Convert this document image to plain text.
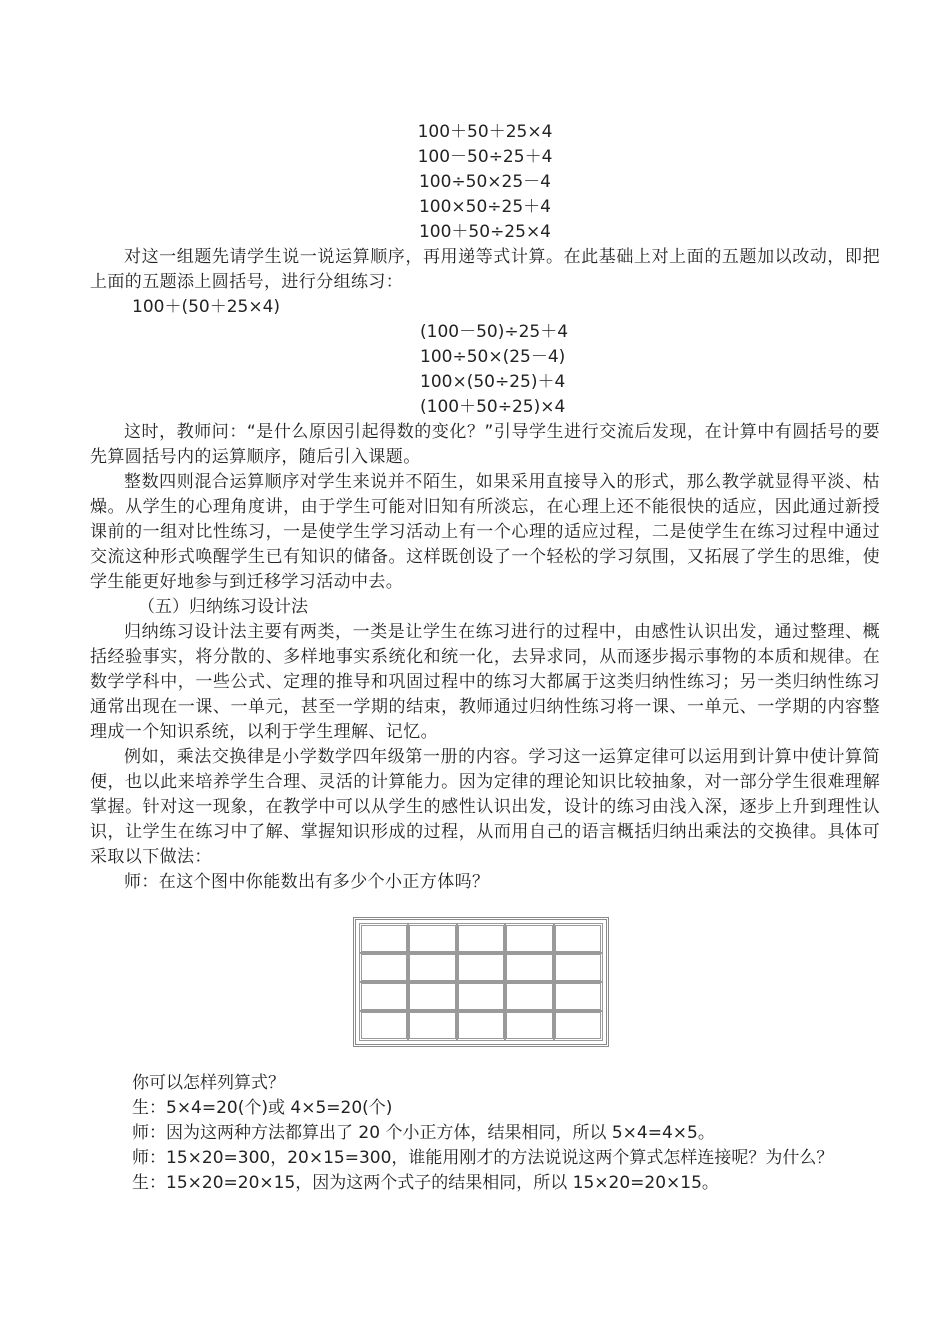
100＋50＋25×4
100－50÷25＋4
100÷50×25－4
100×50÷25＋4
100＋50÷25×4

对这一组题先请学生说一说运算顺序，再用递等式计算。在此基础上对上面的五题加以改动，即把上面的五题添上圆括号，进行分组练习：

100＋(50＋25×4)
(100－50)÷25＋4
100÷50×(25－4)
100×(50÷25)＋4
(100＋50÷25)×4

这时，教师问：“是什么原因引起得数的变化？”引导学生进行交流后发现，在计算中有圆括号的要先算圆括号内的运算顺序，随后引入课题。

整数四则混合运算顺序对学生来说并不陌生，如果采用直接导入的形式，那么教学就显得平淡、枯燥。从学生的心理角度讲，由于学生可能对旧知有所淡忘，在心理上还不能很快的适应，因此通过新授课前的一组对比性练习，一是使学生学习活动上有一个心理的适应过程，二是使学生在练习过程中通过交流这种形式唤醒学生已有知识的储备。这样既创设了一个轻松的学习氛围，又拓展了学生的思维，使学生能更好地参与到迁移学习活动中去。

（五）归纳练习设计法

归纳练习设计法主要有两类，一类是让学生在练习进行的过程中，由感性认识出发，通过整理、概括经验事实，将分散的、多样地事实系统化和统一化，去异求同，从而逐步揭示事物的本质和规律。在数学学科中，一些公式、定理的推导和巩固过程中的练习大都属于这类归纳性练习；另一类归纳性练习通常出现在一课、一单元，甚至一学期的结束，教师通过归纳性练习将一课、一单元、一学期的内容整理成一个知识系统，以利于学生理解、记忆。

例如，乘法交换律是小学数学四年级第一册的内容。学习这一运算定律可以运用到计算中使计算简便，也以此来培养学生合理、灵活的计算能力。因为定律的理论知识比较抽象，对一部分学生很难理解掌握。针对这一现象，在教学中可以从学生的感性认识出发，设计的练习由浅入深，逐步上升到理性认识，让学生在练习中了解、掌握知识形成的过程，从而用自己的语言概括归纳出乘法的交换律。具体可采取以下做法：

师：在这个图中你能数出有多少个小正方体吗？

你可以怎样列算式？
生：5×4=20(个)或 4×5=20(个)
师：因为这两种方法都算出了 20 个小正方体，结果相同，所以 5×4=4×5。
师：15×20=300，20×15=300，谁能用刚才的方法说说这两个算式怎样连接呢？为什么？
生：15×20=20×15，因为这两个式子的结果相同，所以 15×20=20×15。
